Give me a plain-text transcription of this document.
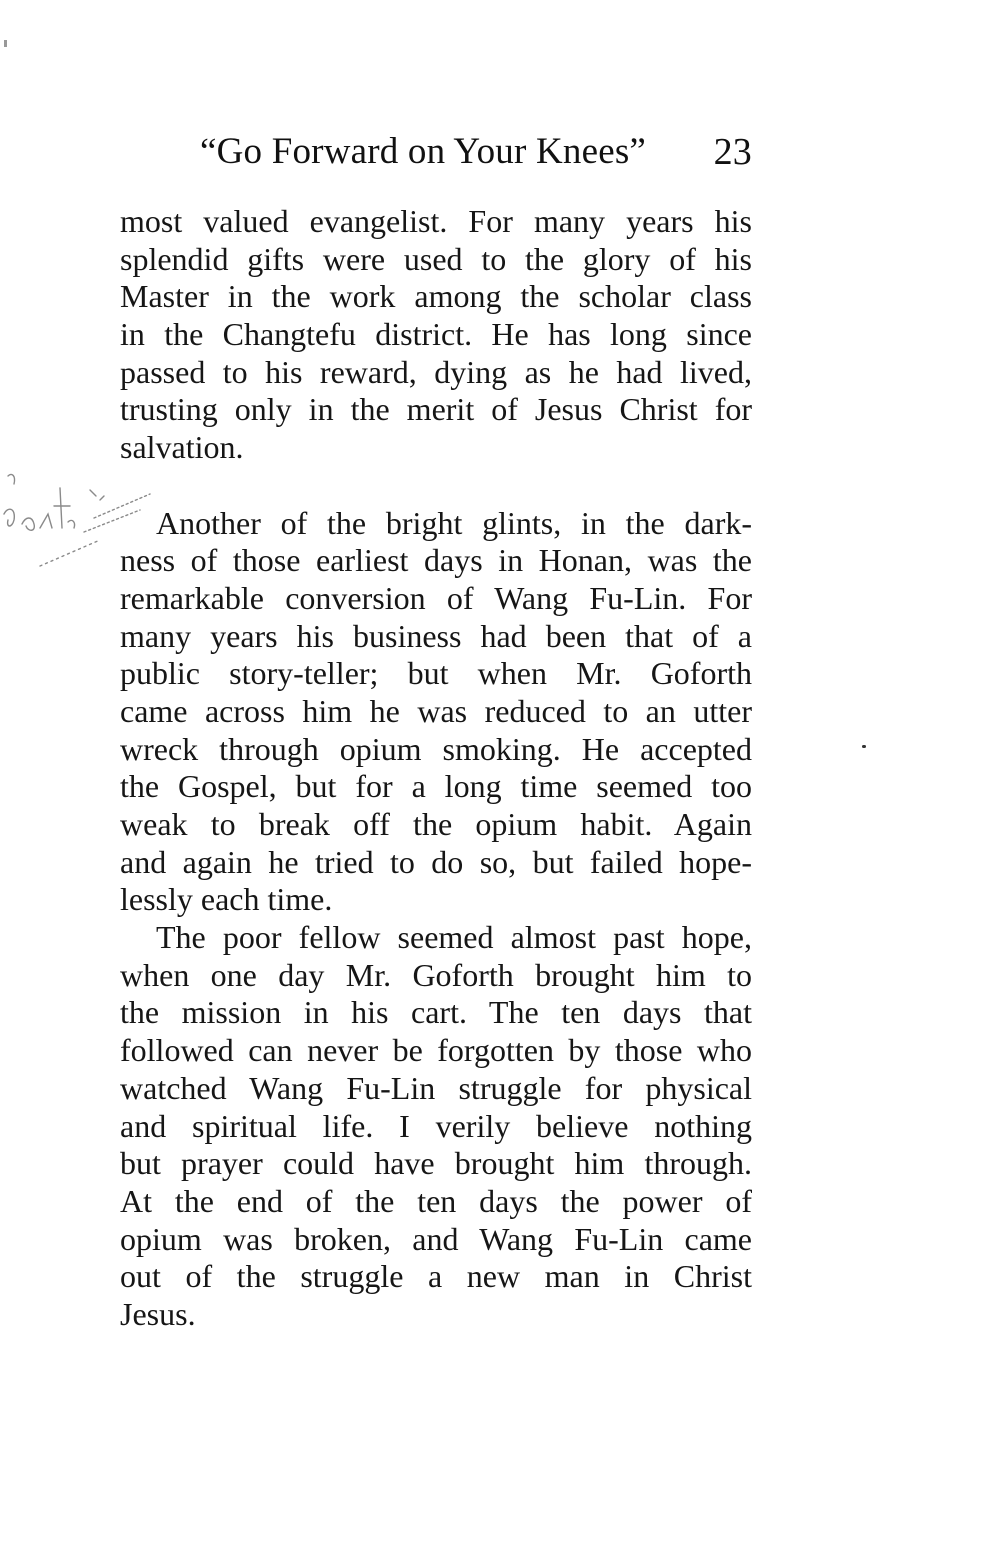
“Go Forward on Your Knees” 23
most valued evangelist. For many years his
splendid gifts were used to the glory of his
Master in the work among the scholar class
in the Changtefu district. He has long since
passed to his reward, dying as he had lived,
trusting only in the merit of Jesus Christ for
salvation.
Another of the bright glints, in the dark-
ness of those earliest days in Honan, was the
remarkable conversion of Wang Fu-Lin. For
many years his business had been that of a
public story-teller; but when Mr. Goforth
came across him he was reduced to an utter
wreck through opium smoking. He accepted
the Gospel, but for a long time seemed too
weak to break off the opium habit. Again
and again he tried to do so, but failed hope-
lessly each time.
The poor fellow seemed almost past hope,
when one day Mr. Goforth brought him to
the mission in his cart. The ten days that
followed can never be forgotten by those who
watched Wang Fu-Lin struggle for physical
and spiritual life. I verily believe nothing
but prayer could have brought him through.
At the end of the ten days the power of
opium was broken, and Wang Fu-Lin came
out of the struggle a new man in Christ
Jesus.
